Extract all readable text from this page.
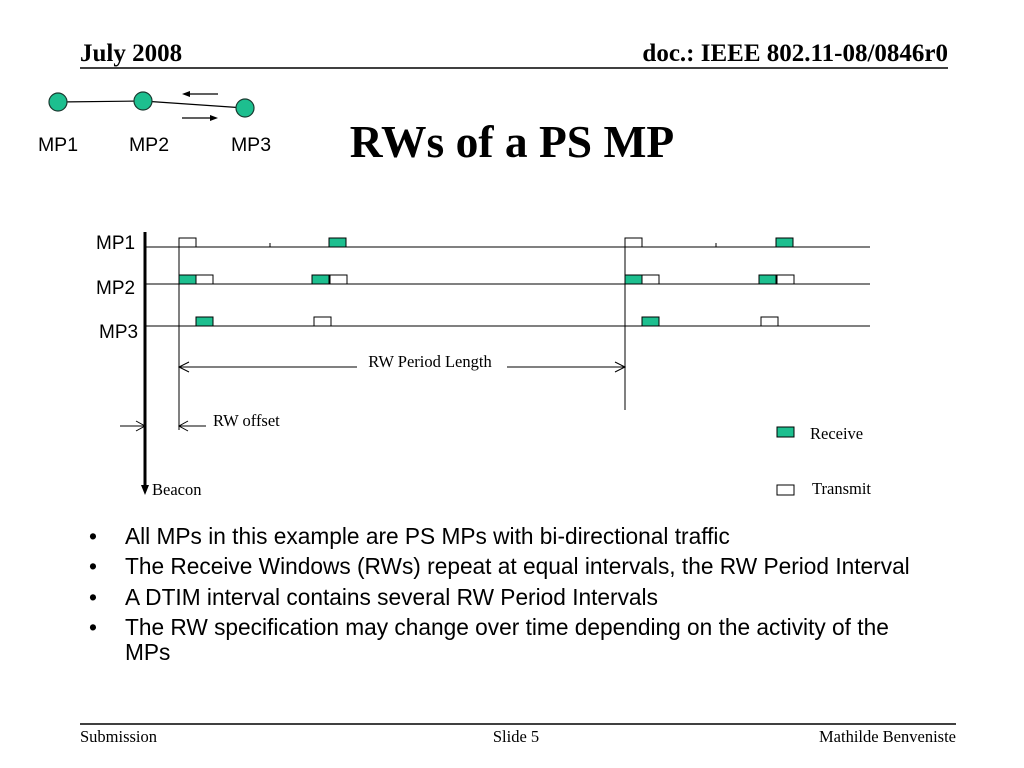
July 2008	doc.: IEEE 802.11-08/0846r0
MP1	MP2	MP3 RWs of a PS MP
MP1
MP2
MP3
Beacon
RW Period Length
RW offset
Receive
Transmit
Submission	Slide 5	Mathilde Benveniste
• All MPs in this example are PS MPs with bi-directional traffic
• The Receive Windows (RWs) repeat at equal intervals, the RW Period Interval
• A DTIM interval contains several RW Period Intervals
• The RW specification may change over time depending on the activity of the MPs
